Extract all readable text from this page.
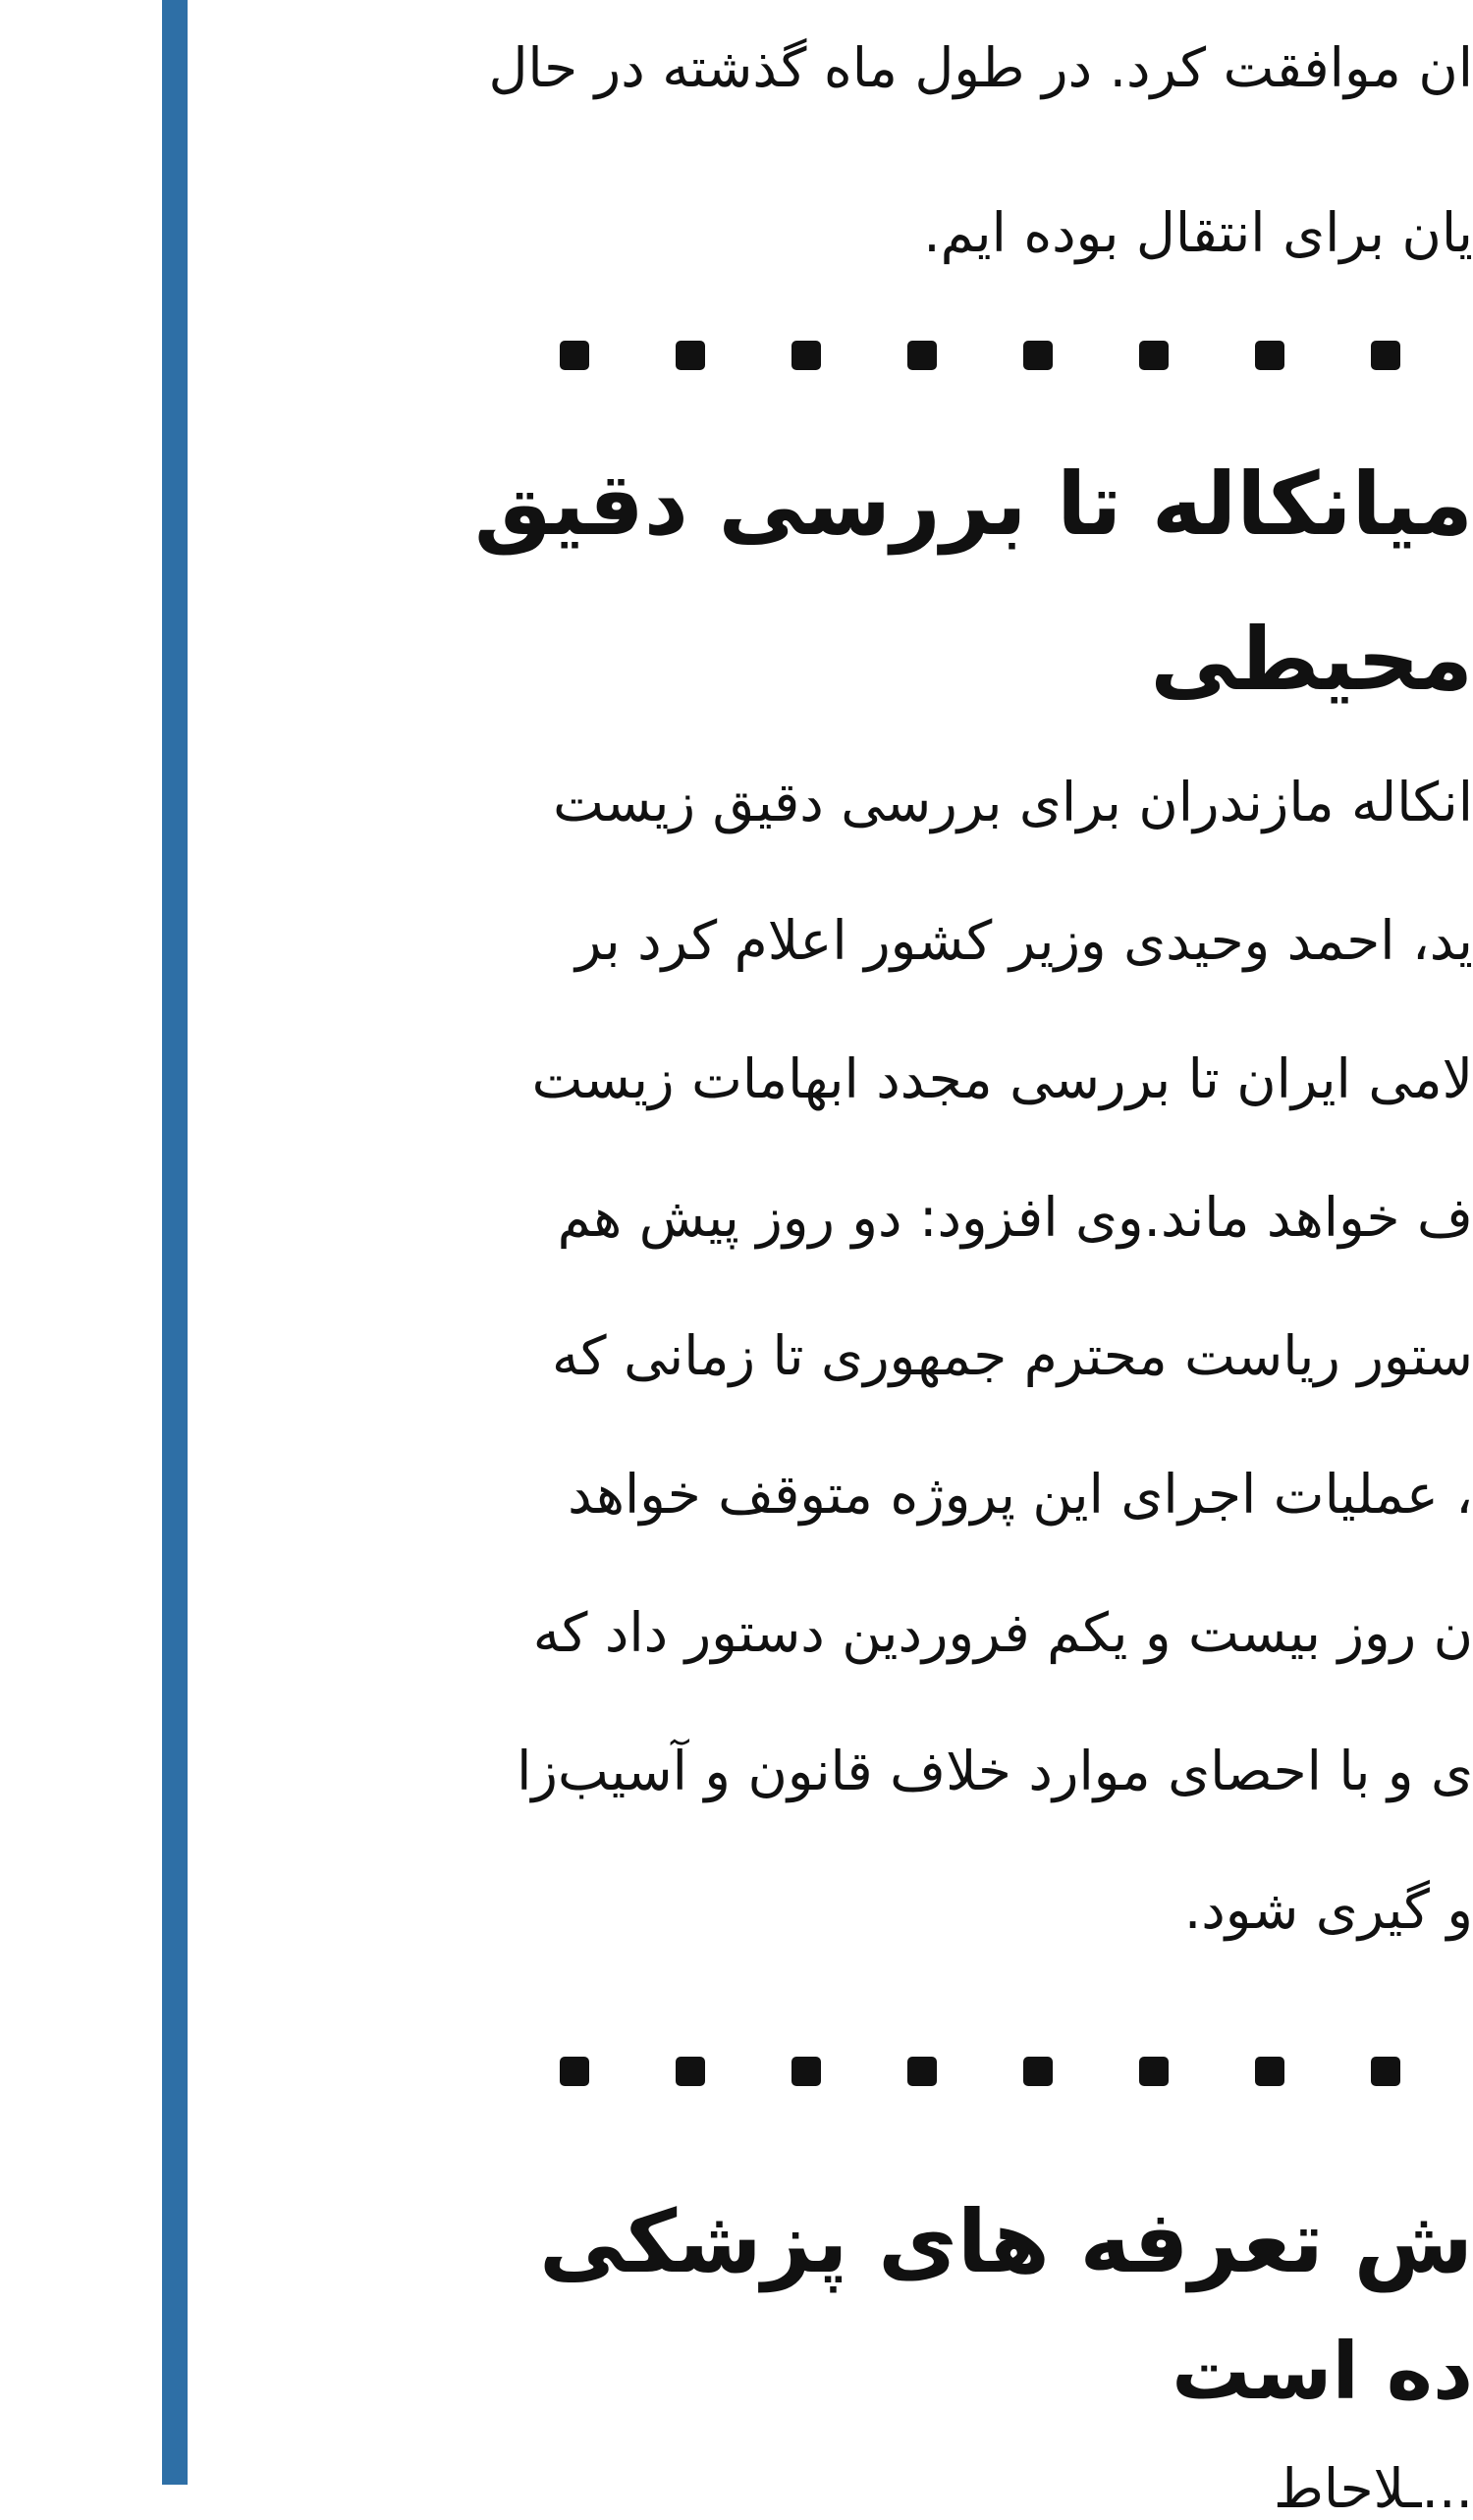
ان موافقت کرد. در طول ماه گذشته در حال
یان برای انتقال بوده ایم.
میانکاله تا بررسی دقیق
محیطی
انکاله مازندران برای بررسی دقیق زیست
ید، احمد وحیدی وزیر کشور اعلام کرد بر
لامی ایران تا بررسی مجدد ابهامات زیست
ف خواهد ماند.وی افزود: دو روز پیش هم
ستور ریاست محترم جمهوری تا زمانی که
، عملیات اجرای این پروژه متوقف خواهد
ن روز بیست و یکم فروردین دستور داد که
ی و با احصای موارد خلاف قانون و آسیب‌زا
و گیری شود.
ش تعرفه های پزشکی
ده است
...ـلاحاط
